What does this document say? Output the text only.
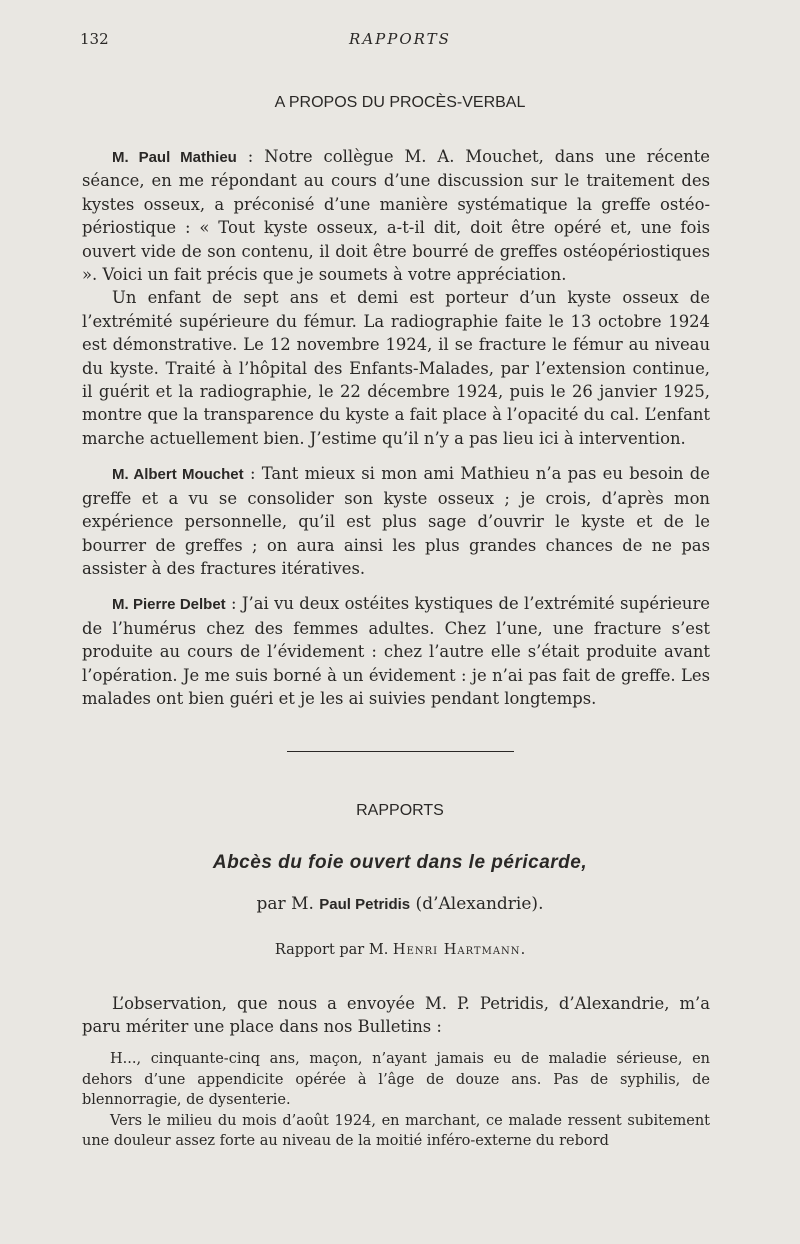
132	RAPPORTS
A PROPOS DU PROCÈS-VERBAL

M. Paul Mathieu : Notre collègue M. A. Mouchet, dans une récente séance, en me répondant au cours d’une discussion sur le traitement des kystes osseux, a préconisé d’une manière systématique la greffe ostéo-périostique : « Tout kyste osseux, a-t-il dit, doit être opéré et, une fois ouvert vide de son contenu, il doit être bourré de greffes ostéopériostiques ». Voici un fait précis que je soumets à votre appréciation.

Un enfant de sept ans et demi est porteur d’un kyste osseux de l’extrémité supérieure du fémur. La radiographie faite le 13 octobre 1924 est démonstrative. Le 12 novembre 1924, il se fracture le fémur au niveau du kyste. Traité à l’hôpital des Enfants-Malades, par l’extension continue, il guérit et la radiographie, le 22 décembre 1924, puis le 26 janvier 1925, montre que la transparence du kyste a fait place à l’opacité du cal. L’enfant marche actuellement bien. J’estime qu’il n’y a pas lieu ici à intervention.

M. Albert Mouchet : Tant mieux si mon ami Mathieu n’a pas eu besoin de greffe et a vu se consolider son kyste osseux ; je crois, d’après mon expérience personnelle, qu’il est plus sage d’ouvrir le kyste et de le bourrer de greffes ; on aura ainsi les plus grandes chances de ne pas assister à des fractures itératives.

M. Pierre Delbet : J’ai vu deux ostéites kystiques de l’extrémité supérieure de l’humérus chez des femmes adultes. Chez l’une, une fracture s’est produite au cours de l’évidement : chez l’autre elle s’était produite avant l’opération. Je me suis borné à un évidement : je n’ai pas fait de greffe. Les malades ont bien guéri et je les ai suivies pendant longtemps.

RAPPORTS
Abcès du foie ouvert dans le péricarde,
par M. Paul Petridis (d’Alexandrie).
Rapport par M. Henri Hartmann.

L’observation, que nous a envoyée M. P. Petridis, d’Alexandrie, m’a paru mériter une place dans nos Bulletins :

H..., cinquante-cinq ans, maçon, n’ayant jamais eu de maladie sérieuse, en dehors d’une appendicite opérée à l’âge de douze ans. Pas de syphilis, de blennorragie, de dysenterie.

Vers le milieu du mois d’août 1924, en marchant, ce malade ressent subitement une douleur assez forte au niveau de la moitié inféro-externe du rebord
